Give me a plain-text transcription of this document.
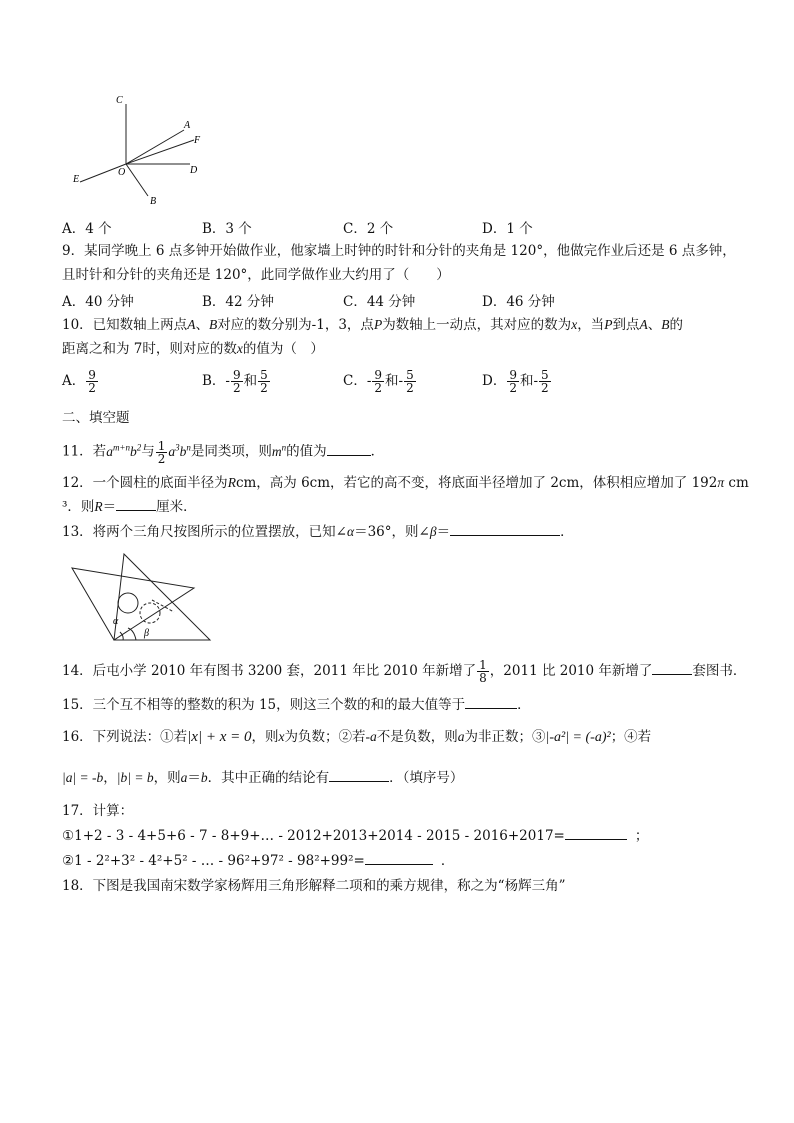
C
A
F
D
E
O
B
A．4 个	B．3 个	C．2 个	D．1 个
9．某同学晚上 6 点多钟开始做作业，他家墙上时钟的时针和分针的夹角是 120°，他做完作业后还是 6 点多钟，
且时针和分针的夹角还是 120°，此同学做作业大约用了（　　）
A．40 分钟	B．42 分钟	C．44 分钟	D．46 分钟
10．已知数轴上两点A、B对应的数分别为-1，3，点P为数轴上一动点，其对应的数为x，当P到点A、B的
距离之和为 7时，则对应的数x的值为（　）
A． $\frac{9}{2}$	B．- $\frac{9}{2}$ 和 $\frac{5}{2}$	C．- $\frac{9}{2}$ 和- $\frac{5}{2}$	D． $\frac{9}{2}$ 和- $\frac{5}{2}$
二、填空题
11．若$a^{m+n}b^2$与 $\frac{1}{2} a^3b^n$是同类项，则$m^n$的值为	．
12．一个圆柱的底面半径为Rcm，高为 6cm，若它的高不变，将底面半径增加了 2cm，体积相应增加了 192π cm
³．则R＝	厘米．
13．将两个三角尺按图所示的位置摆放，已知∠α＝36°，则∠β＝	．
α
β
14．后屯小学 2010 年有图书 3200 套，2011 年比 2010 年新增了 $\frac{1}{8}$ ，2011 比 2010 年新增了	套图书．
15．三个互不相等的整数的积为 15，则这三个数的和的最大值等于	．
16．下列说法：①若|x| + x = 0，则x为负数；②若-a不是负数，则a为非正数；③|-a²| = (-a)²；④若
|a| = -b，|b| = b，则a＝b．其中正确的结论有	．（填序号）
17．计算：
①1+2 - 3 - 4+5+6 - 7 - 8+9+… - 2012+2013+2014 - 2015 - 2016+2017=	；
②1 - 2²+3² - 4²+5² - … - 96²+97² - 98²+99²=	．
18．下图是我国南宋数学家杨辉用三角形解释二项和的乘方规律，称之为“杨辉三角”
